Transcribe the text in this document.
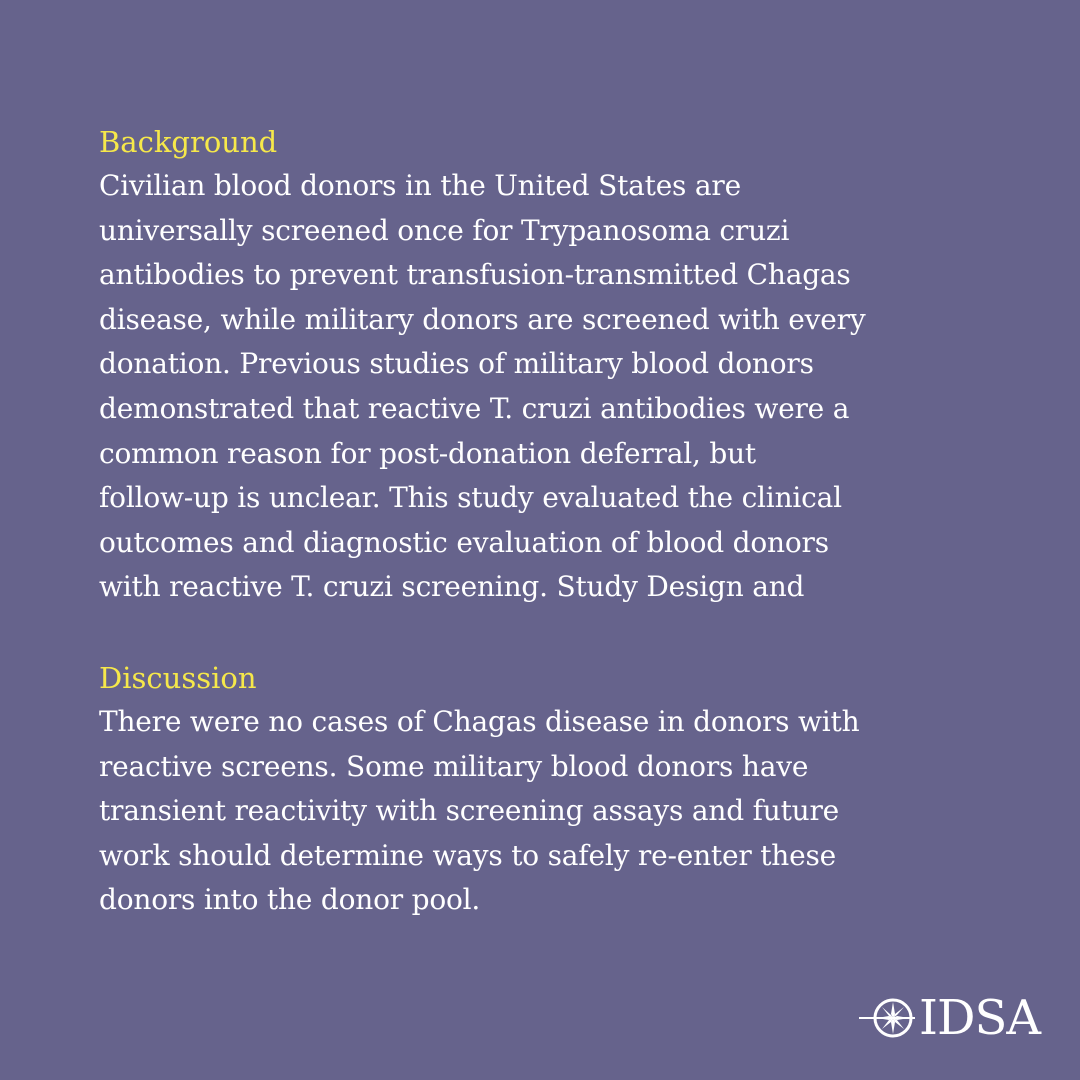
Background
Civilian blood donors in the United States are
universally screened once for Trypanosoma cruzi
antibodies to prevent transfusion-transmitted Chagas
disease, while military donors are screened with every
donation. Previous studies of military blood donors
demonstrated that reactive T. cruzi antibodies were a
common reason for post-donation deferral, but
follow-up is unclear. This study evaluated the clinical
outcomes and diagnostic evaluation of blood donors
with reactive T. cruzi screening. Study Design and
Discussion
There were no cases of Chagas disease in donors with
reactive screens. Some military blood donors have
transient reactivity with screening assays and future
work should determine ways to safely re-enter these
donors into the donor pool.
IDSA
